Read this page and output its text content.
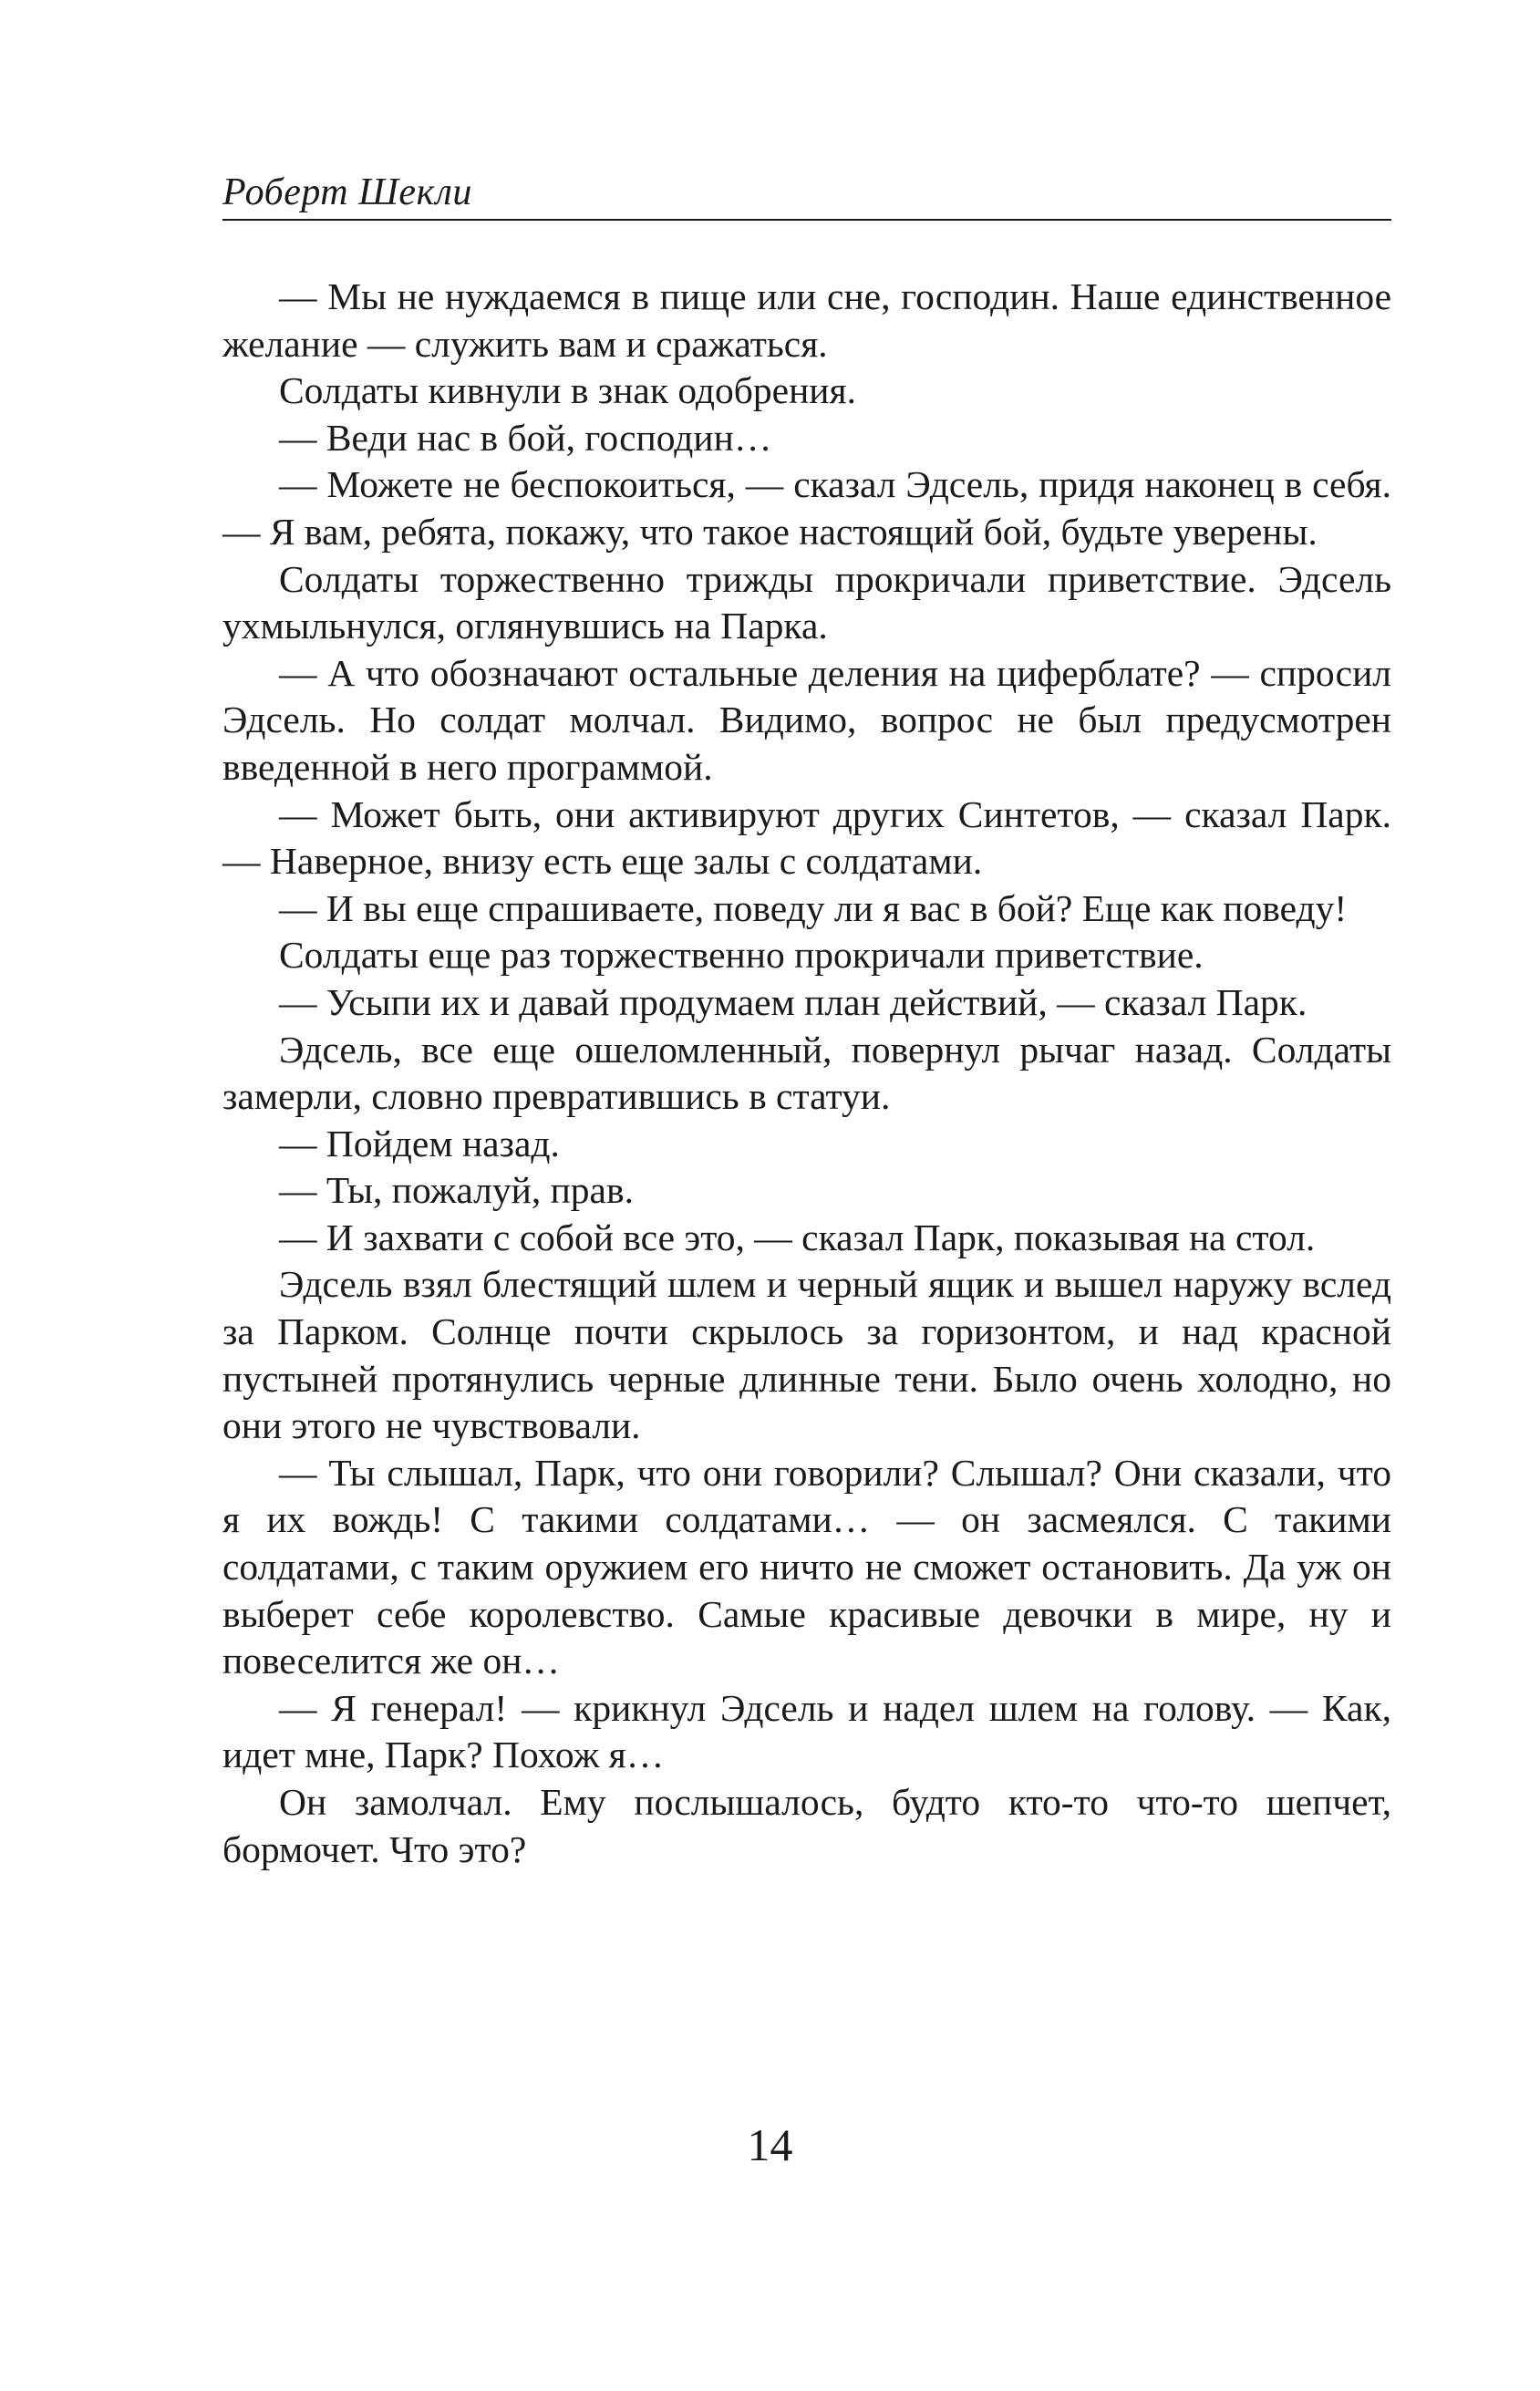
Роберт Шекли

— Мы не нуждаемся в пище или сне, господин. Наше единственное желание — служить вам и сражаться.

Солдаты кивнули в знак одобрения.

— Веди нас в бой, господин…

— Можете не беспокоиться, — сказал Эдсель, придя наконец в себя. — Я вам, ребята, покажу, что такое настоящий бой, будьте уверены.

Солдаты торжественно трижды прокричали приветствие. Эдсель ухмыльнулся, оглянувшись на Парка.

— А что обозначают остальные деления на циферблате? — спросил Эдсель. Но солдат молчал. Видимо, вопрос не был предусмотрен введенной в него программой.

— Может быть, они активируют других Синтетов, — сказал Парк. — Наверное, внизу есть еще залы с солдатами.

— И вы еще спрашиваете, поведу ли я вас в бой? Еще как поведу!

Солдаты еще раз торжественно прокричали приветствие.

— Усыпи их и давай продумаем план действий, — сказал Парк.

Эдсель, все еще ошеломленный, повернул рычаг назад. Солдаты замерли, словно превратившись в статуи.

— Пойдем назад.

— Ты, пожалуй, прав.

— И захвати с собой все это, — сказал Парк, показывая на стол.

Эдсель взял блестящий шлем и черный ящик и вышел наружу вслед за Парком. Солнце почти скрылось за горизонтом, и над красной пустыней протянулись черные длинные тени. Было очень холодно, но они этого не чувствовали.

— Ты слышал, Парк, что они говорили? Слышал? Они сказали, что я их вождь! С такими солдатами… — он засмеялся. С такими солдатами, с таким оружием его ничто не сможет остановить. Да уж он выберет себе королевство. Самые красивые девочки в мире, ну и повеселится же он…

— Я генерал! — крикнул Эдсель и надел шлем на голову. — Как, идет мне, Парк? Похож я…

Он замолчал. Ему послышалось, будто кто-то что-то шепчет, бормочет. Что это?

14
